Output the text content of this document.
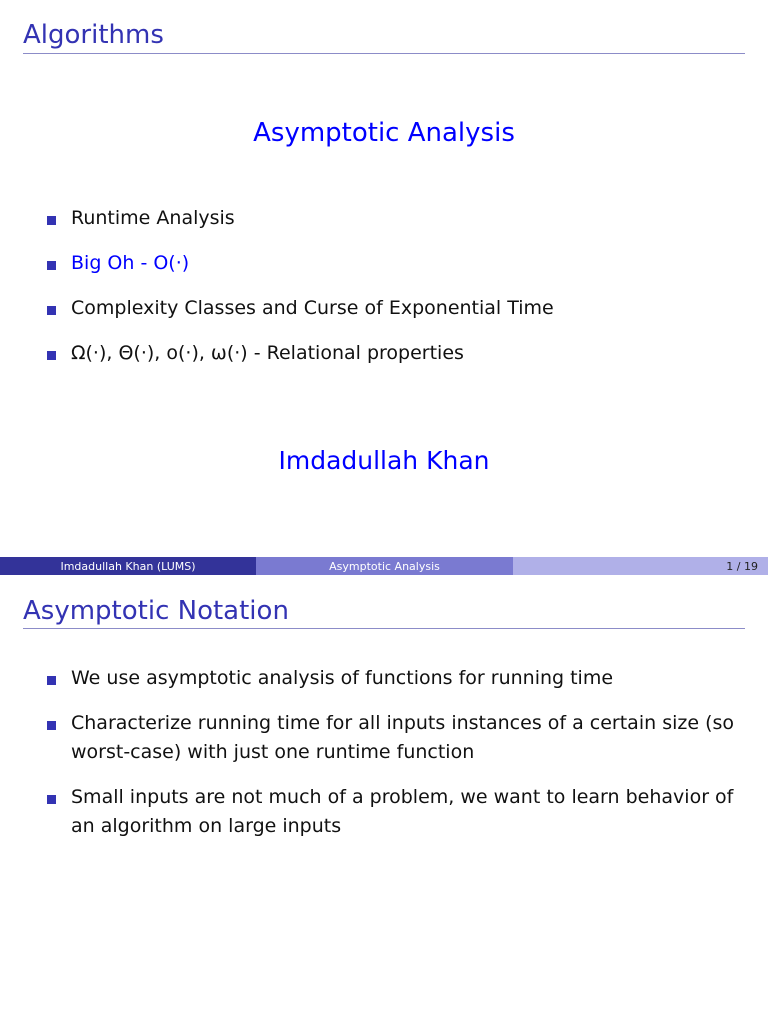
Algorithms
Asymptotic Analysis
Runtime Analysis
Big Oh - O(·)
Complexity Classes and Curse of Exponential Time
Ω(·), Θ(·), o(·), ω(·) - Relational properties
Imdadullah Khan
Imdadullah Khan (LUMS)	Asymptotic Analysis	1 / 19
Asymptotic Notation
We use asymptotic analysis of functions for running time
Characterize running time for all inputs instances of a certain size (so worst-case) with just one runtime function
Small inputs are not much of a problem, we want to learn behavior of an algorithm on large inputs
